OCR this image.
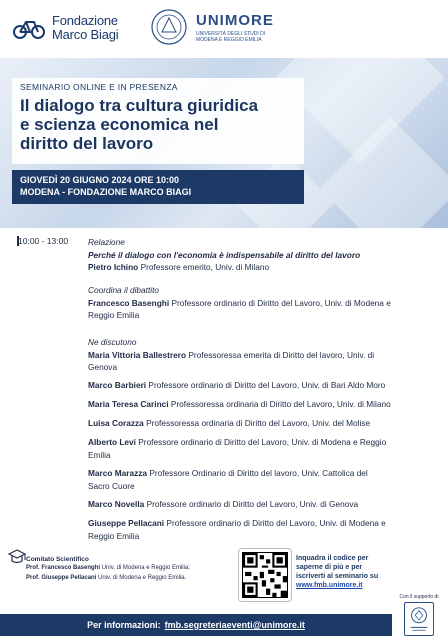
Fondazione
Marco Biagi
UNIMORE
UNIVERSITÀ DEGLI STUDI DI MODENA E REGGIO EMILIA
SEMINARIO ONLINE E IN PRESENZA
Il dialogo tra cultura giuridica
e scienza economica nel
diritto del lavoro
GIOVEDÌ 20 GIUGNO 2024 ORE 10:00
MODENA - FONDAZIONE MARCO BIAGI
10:00 - 13:00 Relazione
Perché il dialogo con l'economia è indispensabile al diritto del lavoro
Pietro Ichino Professore emerito, Univ. di Milano
Coordina il dibattito
Francesco Basenghi Professore ordinario di Diritto del Lavoro, Univ. di Modena e
Reggio Emilia
Ne discutono
Maria Vittoria Ballestrero Professoressa emerita di Diritto del lavoro, Univ. di
Genova
Marco Barbieri Professore ordinario di Diritto del Lavoro, Univ. di Bari Aldo Moro
Maria Teresa Carinci Professoressa ordinaria di Diritto del Lavoro, Univ. di Milano
Luisa Corazza Professoressa ordinaria di Diritto del Lavoro, Univ. del Molise
Alberto Levi Professore ordinario di Diritto del Lavoro, Univ. di Modena e Reggio
Emilia
Marco Marazza Professore Ordinario di Diritto del lavoro, Univ. Cattolica del
Sacro Cuore
Marco Novella Professore ordinario di Diritto del Lavoro, Univ. di Genova
Giuseppe Pellacani Professore ordinario di Diritto del Lavoro, Univ. di Modena e
Reggio Emilia
Comitato Scientifico
Prof. Francesco Basenghi Univ. di Modena e Reggio Emilia;
Prof. Giuseppe Pellacani Univ. di Modena e Reggio Emilia.
Inquadra il codice per
saperne di più e per
iscriverti al seminario su
www.fmb.unimore.it
Con il supporto di
Per informazioni: fmb.segreteriaeventi@unimore.it
